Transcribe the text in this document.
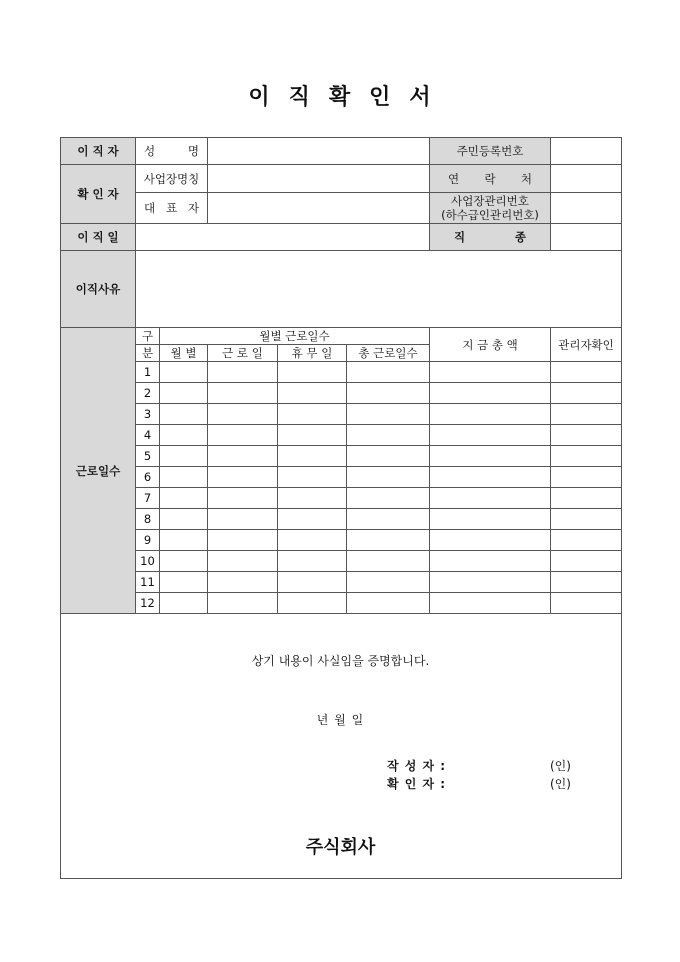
이 직 확 인 서
이 직 자	성 명					주민등록번호	
확 인 자	사업장명칭					연 락 처	

	대 표 자					사업장관리번호
(하수급인관리번호)	
이 직 일						직 종	

이직사유							
근로일수	구	월별 근로일수				지 금 총 액	관리자확인
	분	월 별	근 로 일	휴 무 일	총 근로일수		
	1						
	2						
	3						
	4						
	5						
	6						
	7						
	8						
	9						
	10						
	11						
	12						

상기 내용이 사실임을 증명합니다.
년 월 일
작 성 자 :	(인)
확 인 자 :	(인)
주식회사
